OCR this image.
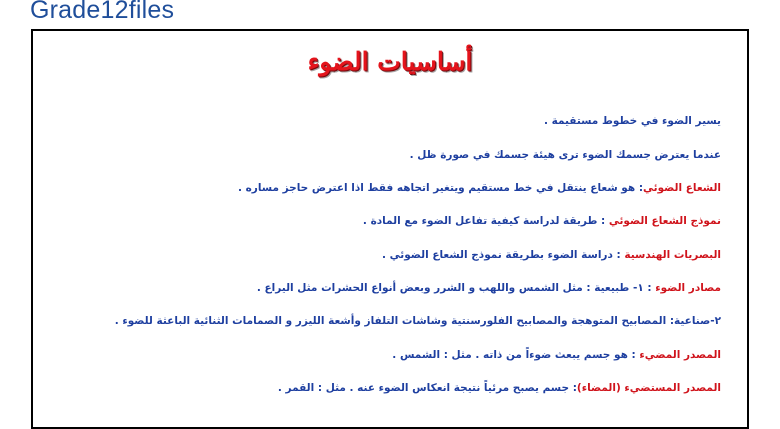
Grade12files
أساسيات الضوء
يسير الضوء في خطوط مستقيمة .
عندما يعترض جسمك الضوء ترى هيئة جسمك في صورة ظل .
الشعاع الضوئي: هو شعاع ينتقل في خط مستقيم ويتغير اتجاهه فقط اذا اعترض حاجز مساره .
نموذج الشعاع الضوئي : طريقة لدراسة كيفية تفاعل الضوء مع المادة .
البصريات الهندسية : دراسة الضوء بطريقة نموذج الشعاع الضوئي .
مصادر الضوء : ١- طبيعية : مثل الشمس واللهب و الشرر وبعض أنواع الحشرات مثل اليراع .
٢-صناعية: المصابيح المتوهجة والمصابيح الفلورسنتية وشاشات التلفاز وأشعة الليزر و الصمامات الثنائية الباعثة للضوء .
المصدر المضيء : هو جسم يبعث ضوءاً من ذاته . مثل : الشمس .
المصدر المستضيء (المضاء): جسم يصبح مرئياً نتيجة انعكاس الضوء عنه . مثل : القمر .
